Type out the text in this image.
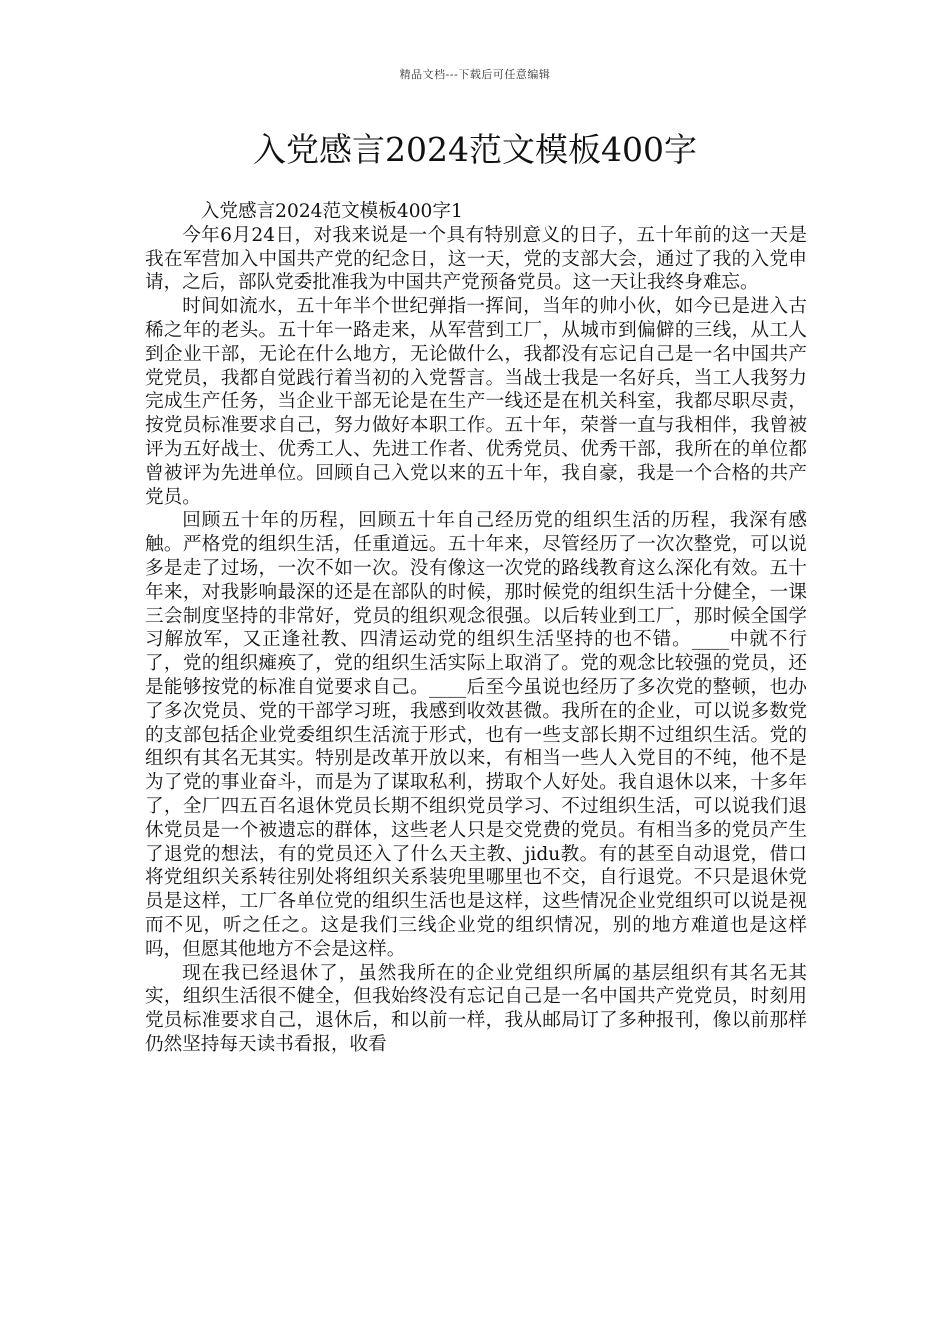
精品文档---下载后可任意编辑
入党感言2024范文模板400字

入党感言2024范文模板400字1

今年6月24日，对我来说是一个具有特别意义的日子，五十年前的这一天是我在军营加入中国共产党的纪念日，这一天，党的支部大会，通过了我的入党申请，之后，部队党委批准我为中国共产党预备党员。这一天让我终身难忘。

时间如流水，五十年半个世纪弹指一挥间，当年的帅小伙，如今已是进入古稀之年的老头。五十年一路走来，从军营到工厂，从城市到偏僻的三线，从工人到企业干部，无论在什么地方，无论做什么，我都没有忘记自己是一名中国共产党党员，我都自觉践行着当初的入党誓言。当战士我是一名好兵，当工人我努力完成生产任务，当企业干部无论是在生产一线还是在机关科室，我都尽职尽责，按党员标准要求自己，努力做好本职工作。五十年，荣誉一直与我相伴，我曾被评为五好战士、优秀工人、先进工作者、优秀党员、优秀干部，我所在的单位都曾被评为先进单位。回顾自己入党以来的五十年，我自豪，我是一个合格的共产党员。

回顾五十年的历程，回顾五十年自己经历党的组织生活的历程，我深有感触。严格党的组织生活，任重道远。五十年来，尽管经历了一次次整党，可以说多是走了过场，一次不如一次。没有像这一次党的路线教育这么深化有效。五十年来，对我影响最深的还是在部队的时候，那时候党的组织生活十分健全，一课三会制度坚持的非常好，党员的组织观念很强。以后转业到工厂，那时候全国学习解放军，又正逢社教、四清运动党的组织生活坚持的也不错。____中就不行了，党的组织瘫痪了，党的组织生活实际上取消了。党的观念比较强的党员，还是能够按党的标准自觉要求自己。____后至今虽说也经历了多次党的整顿，也办了多次党员、党的干部学习班，我感到收效甚微。我所在的企业，可以说多数党的支部包括企业党委组织生活流于形式，也有一些支部长期不过组织生活。党的组织有其名无其实。特别是改革开放以来，有相当一些人入党目的不纯，他不是为了党的事业奋斗，而是为了谋取私利，捞取个人好处。我自退休以来，十多年了，全厂四五百名退休党员长期不组织党员学习、不过组织生活，可以说我们退休党员是一个被遗忘的群体，这些老人只是交党费的党员。有相当多的党员产生了退党的想法，有的党员还入了什么天主教、jidu教。有的甚至自动退党，借口将党组织关系转往别处将组织关系装兜里哪里也不交，自行退党。不只是退休党员是这样，工厂各单位党的组织生活也是这样，这些情况企业党组织可以说是视而不见，听之任之。这是我们三线企业党的组织情况，别的地方难道也是这样吗，但愿其他地方不会是这样。

现在我已经退休了，虽然我所在的企业党组织所属的基层组织有其名无其实，组织生活很不健全，但我始终没有忘记自己是一名中国共产党党员，时刻用党员标准要求自己，退休后，和以前一样，我从邮局订了多种报刊，像以前那样仍然坚持每天读书看报，收看
